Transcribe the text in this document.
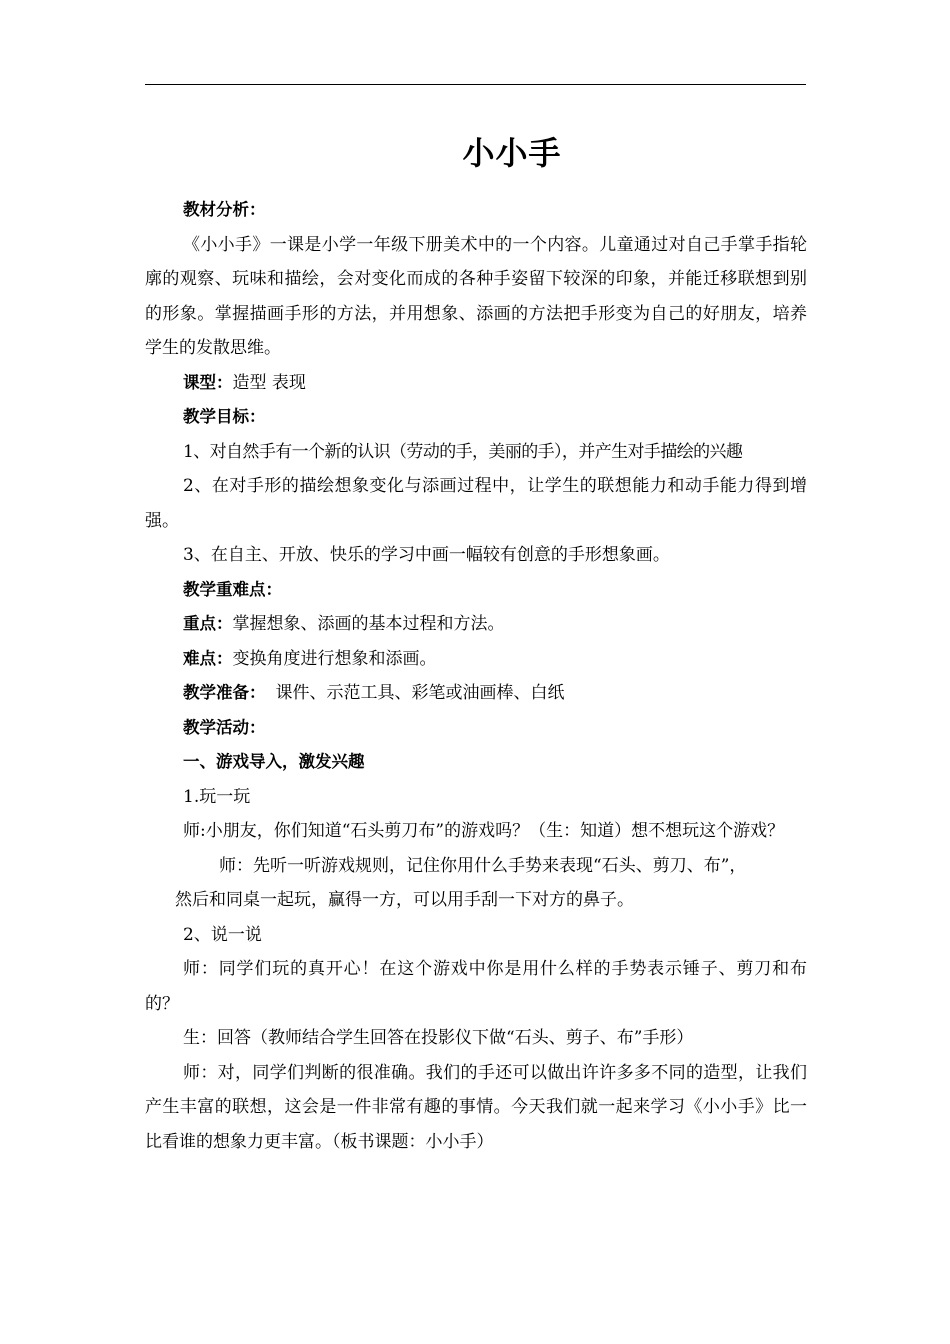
小小手

教材分析：

《小小手》一课是小学一年级下册美术中的一个内容。儿童通过对自己手掌手指轮廓的观察、玩味和描绘，会对变化而成的各种手姿留下较深的印象，并能迁移联想到别的形象。掌握描画手形的方法，并用想象、添画的方法把手形变为自己的好朋友，培养学生的发散思维。

课型：造型 表现

教学目标：

1、对自然手有一个新的认识（劳动的手，美丽的手），并产生对手描绘的兴趣

2、在对手形的描绘想象变化与添画过程中，让学生的联想能力和动手能力得到增强。

3、在自主、开放、快乐的学习中画一幅较有创意的手形想象画。

教学重难点：

重点：掌握想象、添画的基本过程和方法。

难点：变换角度进行想象和添画。

教学准备： 课件、示范工具、彩笔或油画棒、白纸

教学活动：

一、游戏导入，激发兴趣

1.玩一玩

师:小朋友，你们知道“石头剪刀布”的游戏吗？（生：知道）想不想玩这个游戏？

师：先听一听游戏规则，记住你用什么手势来表现“石头、剪刀、布”，

然后和同桌一起玩，赢得一方，可以用手刮一下对方的鼻子。

2、说一说

师：同学们玩的真开心！在这个游戏中你是用什么样的手势表示锤子、剪刀和布的？

生：回答（教师结合学生回答在投影仪下做“石头、剪子、布”手形）

师：对，同学们判断的很准确。我们的手还可以做出许许多多不同的造型，让我们产生丰富的联想，这会是一件非常有趣的事情。今天我们就一起来学习《小小手》比一比看谁的想象力更丰富。（板书课题：小小手）
